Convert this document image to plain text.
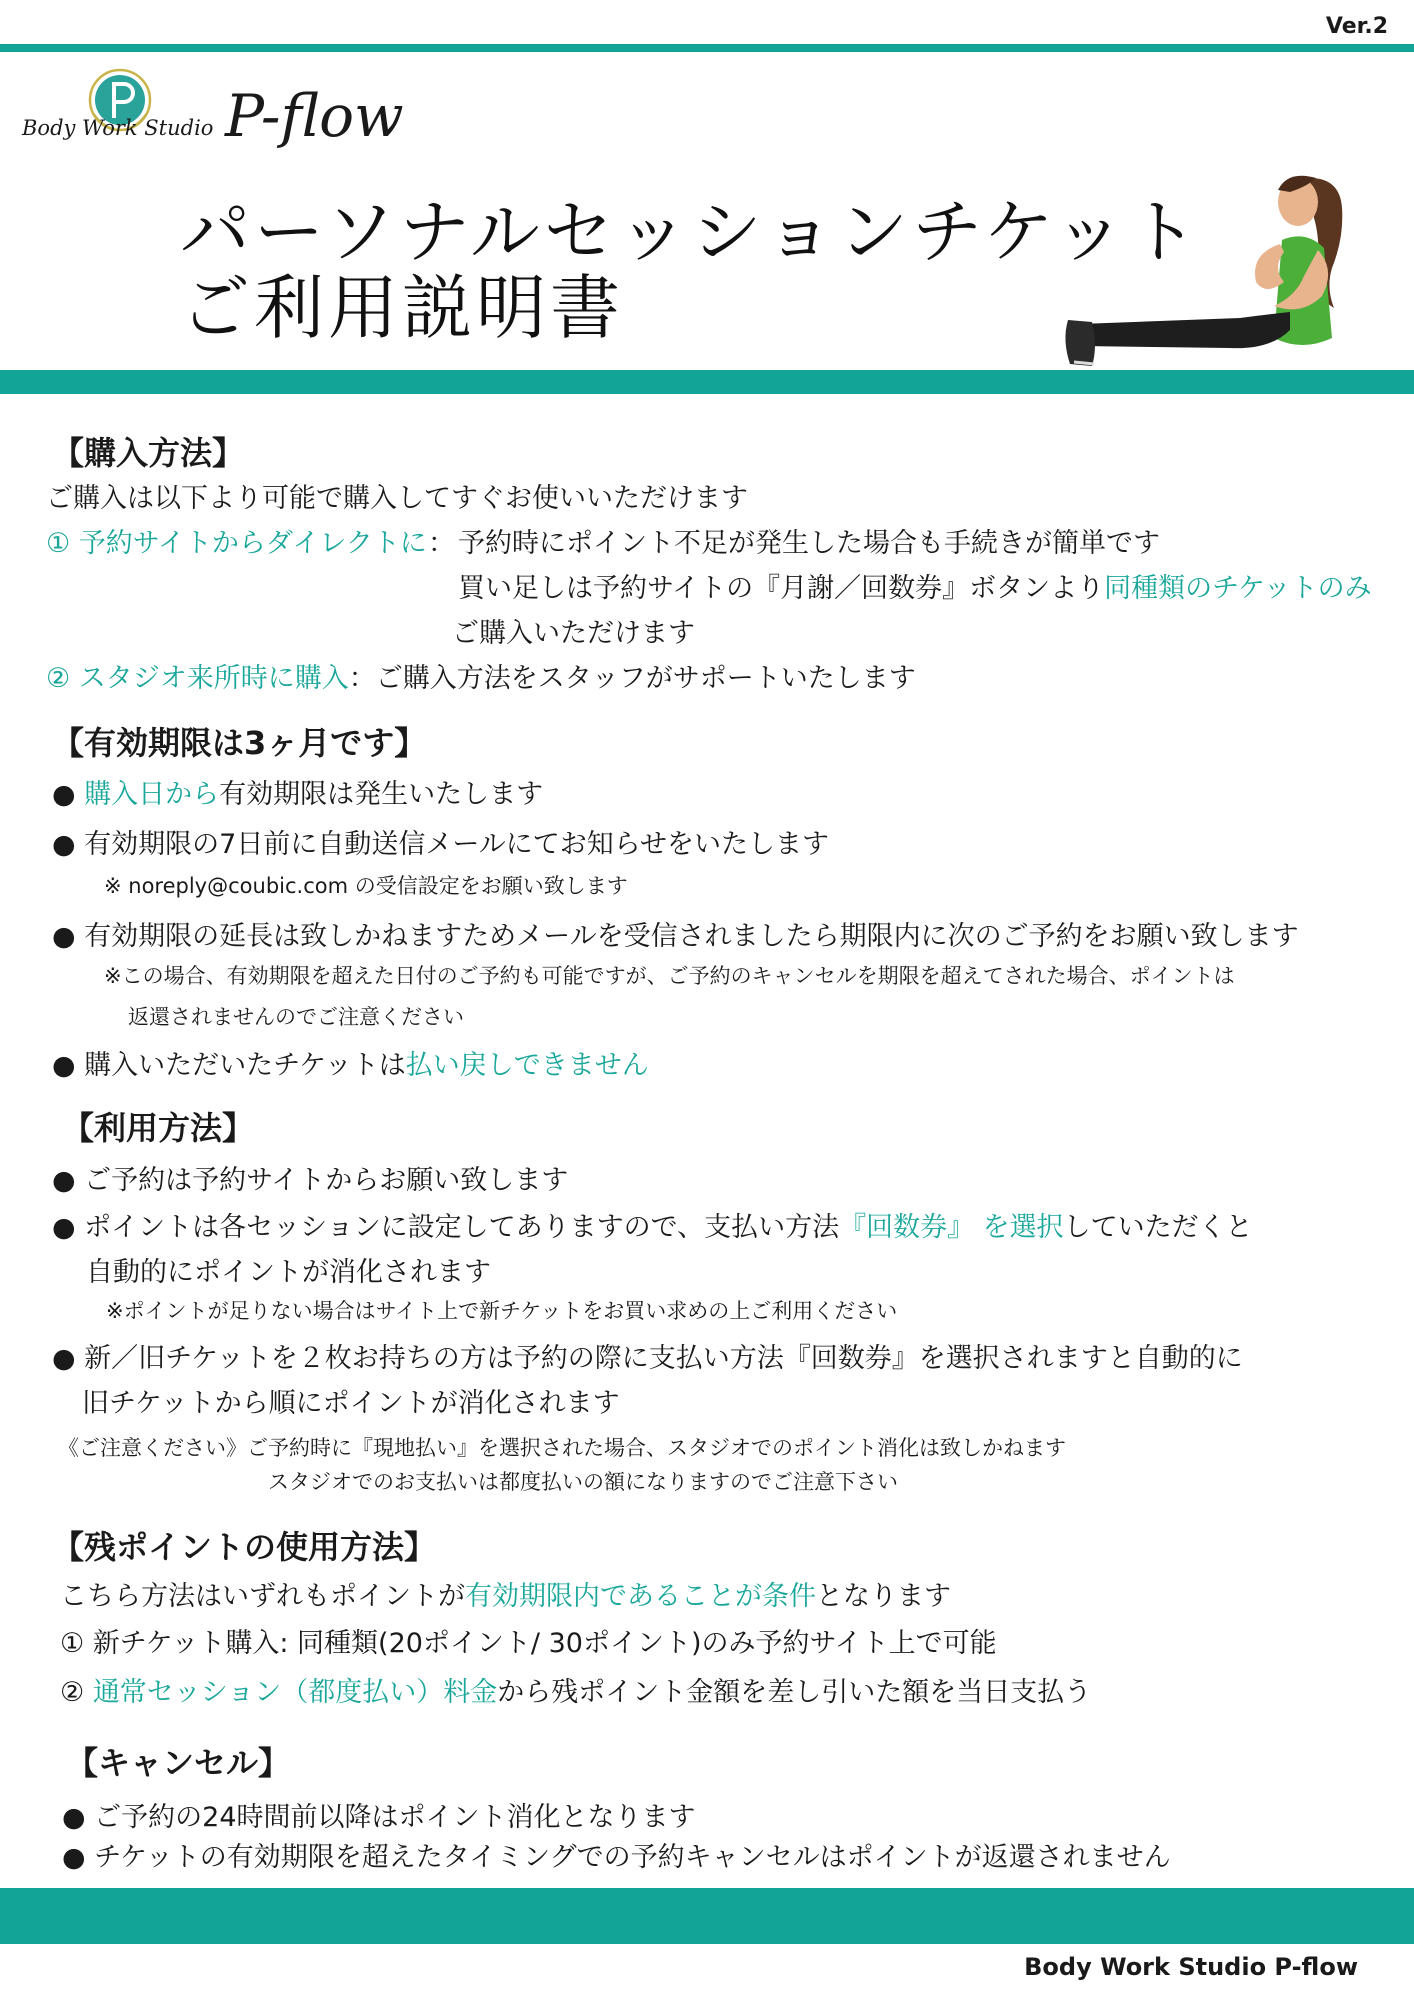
Ver.2
Body Work Studio P-flow
パーソナルセッションチケット
ご利用説明書
【購入方法】
ご購入は以下より可能で購入してすぐお使いいただけます
① 予約サイトからダイレクトに ： 予約時にポイント不足が発生した場合も手続きが簡単です
買い足しは予約サイトの『月謝／回数券』ボタンより同種類のチケットのみ
ご購入いただけます
② スタジオ来所時に購入：ご購入方法をスタッフがサポートいたします
【有効期限は3ヶ月です】
● 購入日から有効期限は発生いたします
● 有効期限の7日前に自動送信メールにてお知らせをいたします
※ noreply@coubic.com の受信設定をお願い致します
● 有効期限の延長は致しかねますためメールを受信されましたら期限内に次のご予約をお願い致します
※この場合、有効期限を超えた日付のご予約も可能ですが、ご予約のキャンセルを期限を超えてされた場合、ポイントは
返還されませんのでご注意ください
● 購入いただいたチケットは払い戻しできません
【利用方法】
● ご予約は予約サイトからお願い致します
● ポイントは各セッションに設定してありますので、支払い方法『回数券』 を選択していただくと
自動的にポイントが消化されます
※ポイントが足りない場合はサイト上で新チケットをお買い求めの上ご利用ください
● 新／旧チケットを２枚お持ちの方は予約の際に支払い方法『回数券』を選択されますと自動的に
旧チケットから順にポイントが消化されます
《ご注意ください》ご予約時に『現地払い』を選択された場合、スタジオでのポイント消化は致しかねます
スタジオでのお支払いは都度払いの額になりますのでご注意下さい
【残ポイントの使用方法】
こちら方法はいずれもポイントが有効期限内であることが条件となります
① 新チケット購入: 同種類(20ポイント/ 30ポイント)のみ予約サイト上で可能
② 通常セッション（都度払い）料金から残ポイント金額を差し引いた額を当日支払う
【キャンセル】
● ご予約の24時間前以降はポイント消化となります
● チケットの有効期限を超えたタイミングでの予約キャンセルはポイントが返還されません
Body Work Studio P-flow
